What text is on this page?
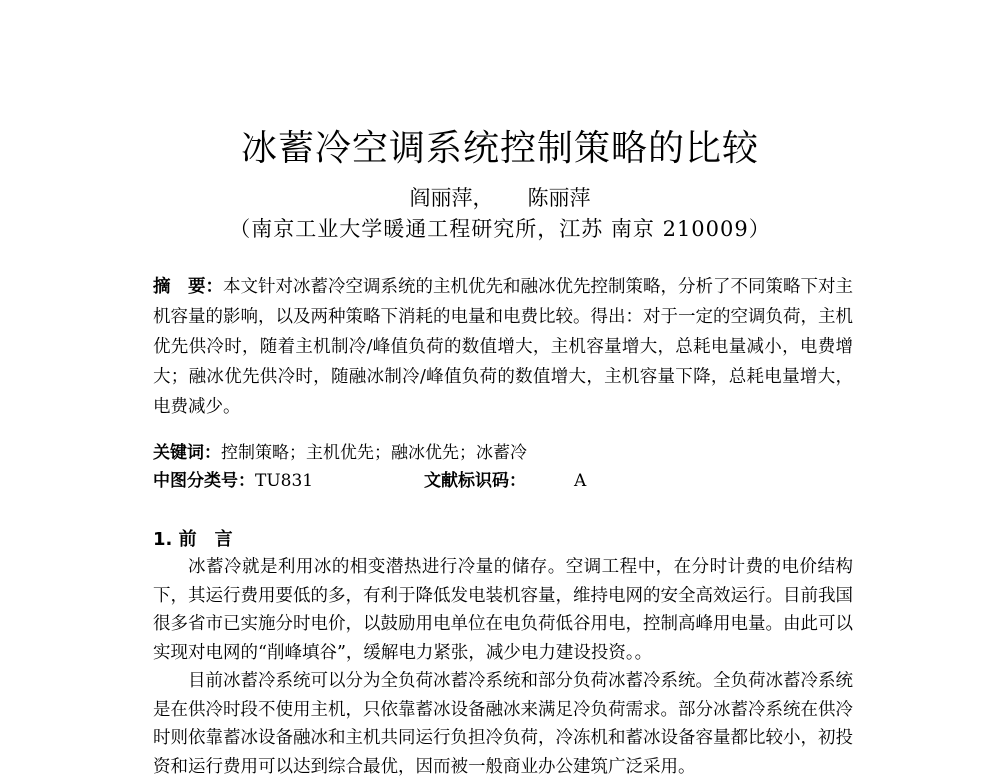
冰蓄冷空调系统控制策略的比较
阎丽萍， 陈丽萍
（南京工业大学暖通工程研究所，江苏 南京 210009）
摘　要：本文针对冰蓄冷空调系统的主机优先和融冰优先控制策略，分析了不同策略下对主机容量的影响，以及两种策略下消耗的电量和电费比较。得出：对于一定的空调负荷，主机优先供冷时，随着主机制冷/峰值负荷的数值增大，主机容量增大，总耗电量减小，电费增大；融冰优先供冷时，随融冰制冷/峰值负荷的数值增大，主机容量下降，总耗电量增大，电费减少。
关键词：控制策略；主机优先；融冰优先；冰蓄冷
中图分类号：TU831	文献标识码：	A
1. 前　言

冰蓄冷就是利用冰的相变潜热进行冷量的储存。空调工程中，在分时计费的电价结构下，其运行费用要低的多，有利于降低发电装机容量，维持电网的安全高效运行。目前我国很多省市已实施分时电价，以鼓励用电单位在电负荷低谷用电，控制高峰用电量。由此可以实现对电网的“削峰填谷”，缓解电力紧张，减少电力建设投资。。

目前冰蓄冷系统可以分为全负荷冰蓄冷系统和部分负荷冰蓄冷系统。全负荷冰蓄冷系统是在供冷时段不使用主机，只依靠蓄冰设备融冰来满足冷负荷需求。部分冰蓄冷系统在供冷时则依靠蓄冰设备融冰和主机共同运行负担冷负荷，冷冻机和蓄冰设备容量都比较小，初投资和运行费用可以达到综合最优，因而被一般商业办公建筑广泛采用。
